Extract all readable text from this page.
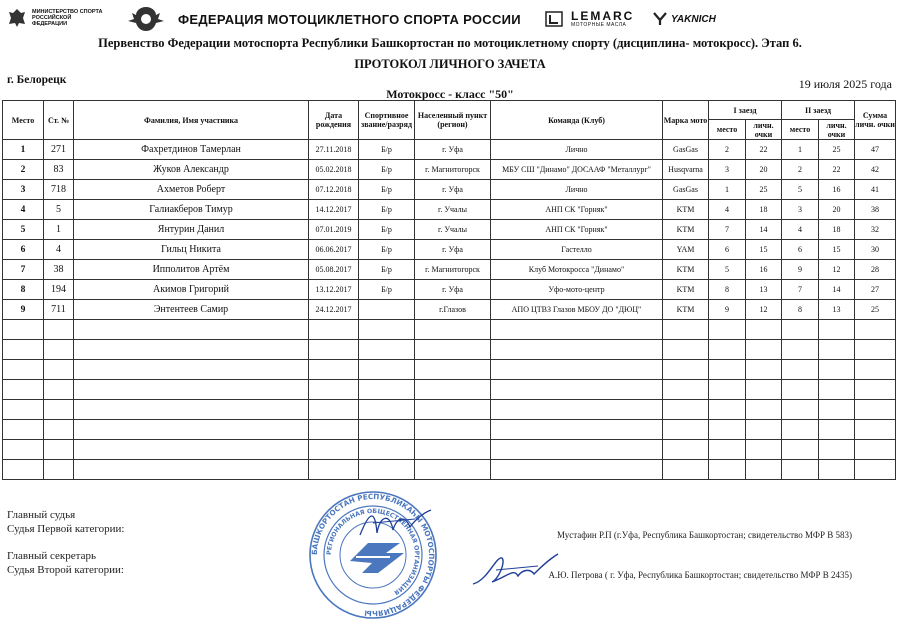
МИНИСТЕРСТВО СПОРТА
РОССИЙСКОЙ ФЕДЕРАЦИИ	ФЕДЕРАЦИЯ МОТОЦИКЛЕТНОГО СПОРТА РОССИИ	LEMARC
МОТОРНЫЕ МАСЛА
YAKNICH
Первенство Федерации мотоспорта Республики Башкортостан по мотоциклетному спорту (дисциплина- мотокросс). Этап 6.
ПРОТОКОЛ ЛИЧНОГО ЗАЧЕТА
г. Белорецк	19 июля 2025 года
Мотокросс - класс "50"
Место	Ст. №	Фамилия, Имя участника	Дата рождения	Спортивное звание/разряд	Населенный пункт (регион)	Команда (Клуб)	Марка мото	I заезд		II заезд		Сумма личн. очки
								место	личн. очки	место	личн. очки	
1	271	Фахретдинов Тамерлан	27.11.2018	Б/р	г. Уфа	Лично	GasGas	2	22	1	25	47
2	83	Жуков Александр	05.02.2018	Б/р	г. Магнитогорск	МБУ СШ "Динамо" ДОСААФ "Металлург"	Husqvarna	3	20	2	22	42
3	718	Ахметов Роберт	07.12.2018	Б/р	г. Уфа	Лично	GasGas	1	25	5	16	41
4	5	Галиакберов Тимур	14.12.2017	Б/р	г. Учалы	АНП СК "Горняк"	KTM	4	18	3	20	38
5	1	Янтурин Данил	07.01.2019	Б/р	г. Учалы	АНП СК "Горняк"	KTM	7	14	4	18	32
6	4	Гильц Никита	06.06.2017	Б/р	г. Уфа	Гастелло	YAM	6	15	6	15	30
7	38	Ипполитов Артём	05.08.2017	Б/р	г. Магнитогорск	Клуб Мотокросса "Динамо"	KTM	5	16	9	12	28
8	194	Акимов Григорий	13.12.2017	Б/р	г. Уфа	Уфо-мото-центр	KTM	8	13	7	14	27
9	711	Энтентеев Самир	24.12.2017		г.Глазов	АПО ЦТВЗ Глазов МБОУ ДО "ДЮЦ"	KTM	9	12	8	13	25

Главный судья
Судья Первой категории:	Мустафин Р.П (г.Уфа, Республика Башкортостан; свидетельство МФР В 583)
Главный секретарь
Судья Второй категории:	А.Ю. Петрова ( г. Уфа, Республика Башкортостан; свидетельство МФР В 2435)
БАШКОРТОСТАН РЕСПУБЛИКАҺЫ МОТОСПОРТЫ ФЕДЕРАЦИЯҺЫ
РЕГИОНАЛЬНАЯ ОБЩЕСТВЕННАЯ ОРГАНИЗАЦИЯ
